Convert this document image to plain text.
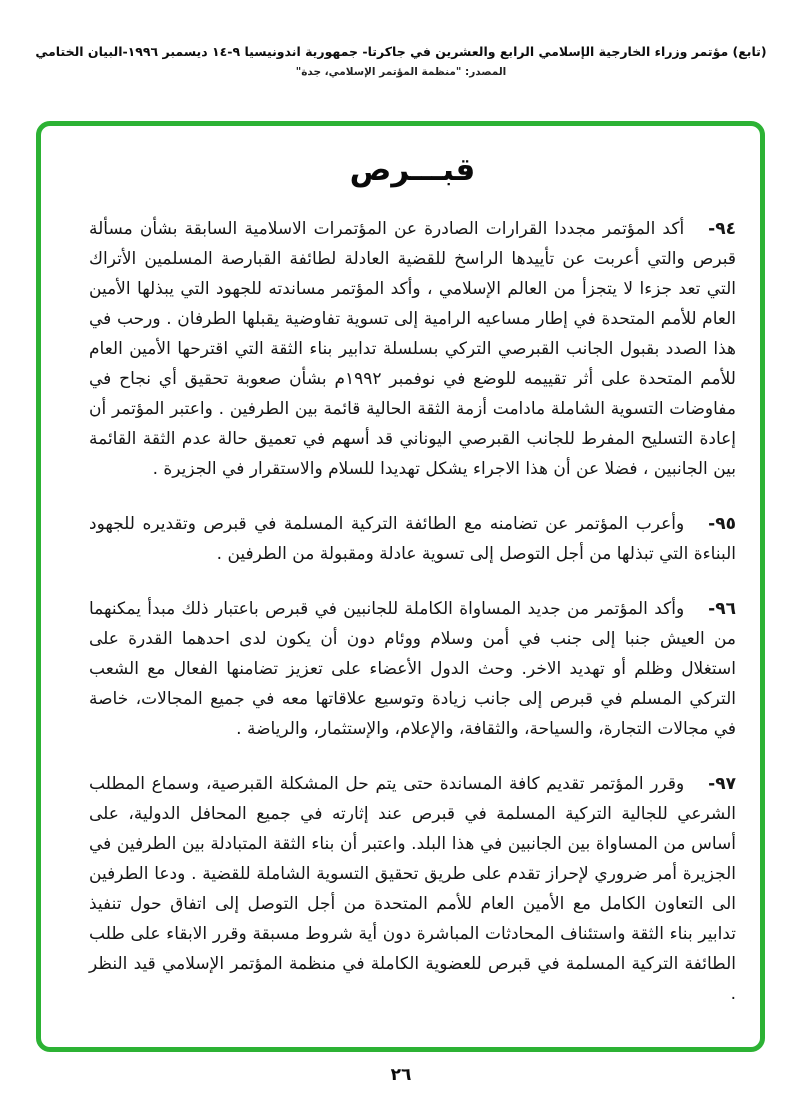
(تابع) مؤتمر وزراء الخارجية الإسلامي الرابع والعشرين في جاكرتا- جمهورية اندونيسيا ٩-١٤ ديسمبر ١٩٩٦-البيان الختامي
المصدر: "منظمة المؤتمر الإسلامي، جدة"
قبـــرص

٩٤-أكد المؤتمر مجددا القرارات الصادرة عن المؤتمرات الاسلامية السابقة بشأن مسألة قبرص والتي أعربت عن تأييدها الراسخ للقضية العادلة لطائفة القبارصة المسلمين الأتراك التي تعد جزءا لا يتجزأ من العالم الإسلامي ، وأكد المؤتمر مساندته للجهود التي يبذلها الأمين العام للأمم المتحدة في إطار مساعيه الرامية إلى تسوية تفاوضية يقبلها الطرفان . ورحب في هذا الصدد بقبول الجانب القبرصي التركي بسلسلة تدابير بناء الثقة التي اقترحها الأمين العام للأمم المتحدة على أثر تقييمه للوضع في نوفمبر ١٩٩٢م بشأن صعوبة تحقيق أي نجاح في مفاوضات التسوية الشاملة مادامت أزمة الثقة الحالية قائمة بين الطرفين . واعتبر المؤتمر أن إعادة التسليح المفرط للجانب القبرصي اليوناني قد أسهم في تعميق حالة عدم الثقة القائمة بين الجانبين ، فضلا عن أن هذا الاجراء يشكل تهديدا للسلام والاستقرار في الجزيرة .

٩٥-وأعرب المؤتمر عن تضامنه مع الطائفة التركية المسلمة في قبرص وتقديره للجهود البناءة التي تبذلها من أجل التوصل إلى تسوية عادلة ومقبولة من الطرفين .

٩٦-وأكد المؤتمر من جديد المساواة الكاملة للجانبين في قبرص باعتبار ذلك مبدأ يمكنهما من العيش جنبا إلى جنب في أمن وسلام ووئام دون أن يكون لدى احدهما القدرة على استغلال وظلم أو تهديد الاخر. وحث الدول الأعضاء على تعزيز تضامنها الفعال مع الشعب التركي المسلم في قبرص إلى جانب زيادة وتوسيع علاقاتها معه في جميع المجالات، خاصة في مجالات التجارة، والسياحة، والثقافة، والإعلام، والإستثمار، والرياضة .

٩٧-وقرر المؤتمر تقديم كافة المساندة حتى يتم حل المشكلة القبرصية، وسماع المطلب الشرعي للجالية التركية المسلمة في قبرص عند إثارته في جميع المحافل الدولية، على أساس من المساواة بين الجانبين في هذا البلد. واعتبر أن بناء الثقة المتبادلة بين الطرفين في الجزيرة أمر ضروري لإحراز تقدم على طريق تحقيق التسوية الشاملة للقضية . ودعا الطرفين الى التعاون الكامل مع الأمين العام للأمم المتحدة من أجل التوصل إلى اتفاق حول تنفيذ تدابير بناء الثقة واستئناف المحادثات المباشرة دون أية شروط مسبقة وقرر الابقاء على طلب الطائفة التركية المسلمة في قبرص للعضوية الكاملة في منظمة المؤتمر الإسلامي قيد النظر .

٢٦
